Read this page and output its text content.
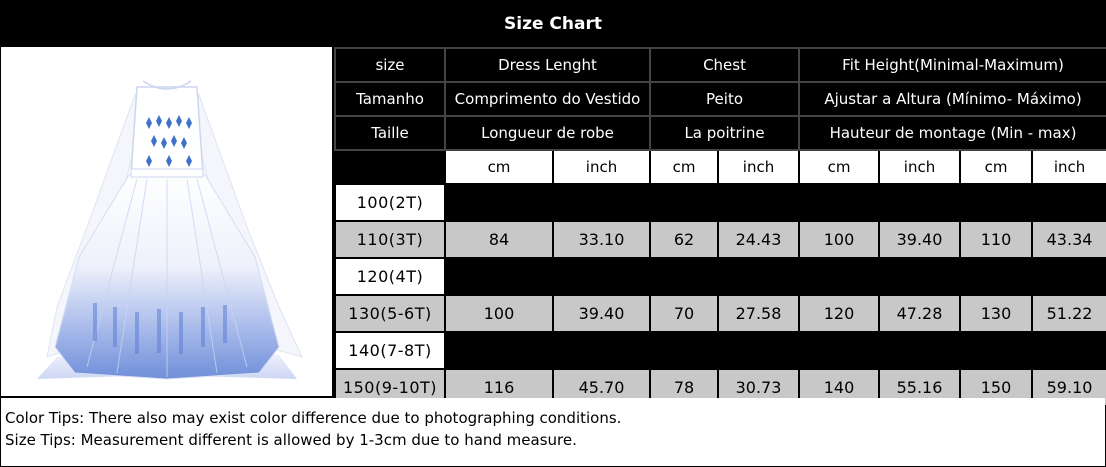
Size Chart
size	Dress Lenght		Chest		Fit Height(Minimal-Maximum)			
Tamanho	Comprimento do Vestido		Peito		Ajustar a Altura (Mínimo- Máximo)			
Taille	Longueur de robe		La poitrine		Hauteur de montage (Min - max)			
	cm	inch	cm	inch	cm	inch	cm	inch
100(2T)	76	29.94	58	22.85	90	35.46	100	39.40
110(3T)	84	33.10	62	24.43	100	39.40	110	43.34
120(4T)	92	36.25	66	26.00	110	43.34	120	47.28
130(5-6T)	100	39.40	70	27.58	120	47.28	130	51.22
140(7-8T)	108	42.55	74	29.16	130	51.22	140	55.16
150(9-10T)	116	45.70	78	30.73	140	55.16	150	59.10
Color Tips: There also may exist color difference due to photographing conditions.
Size Tips: Measurement different is allowed by 1-3cm due to hand measure.
